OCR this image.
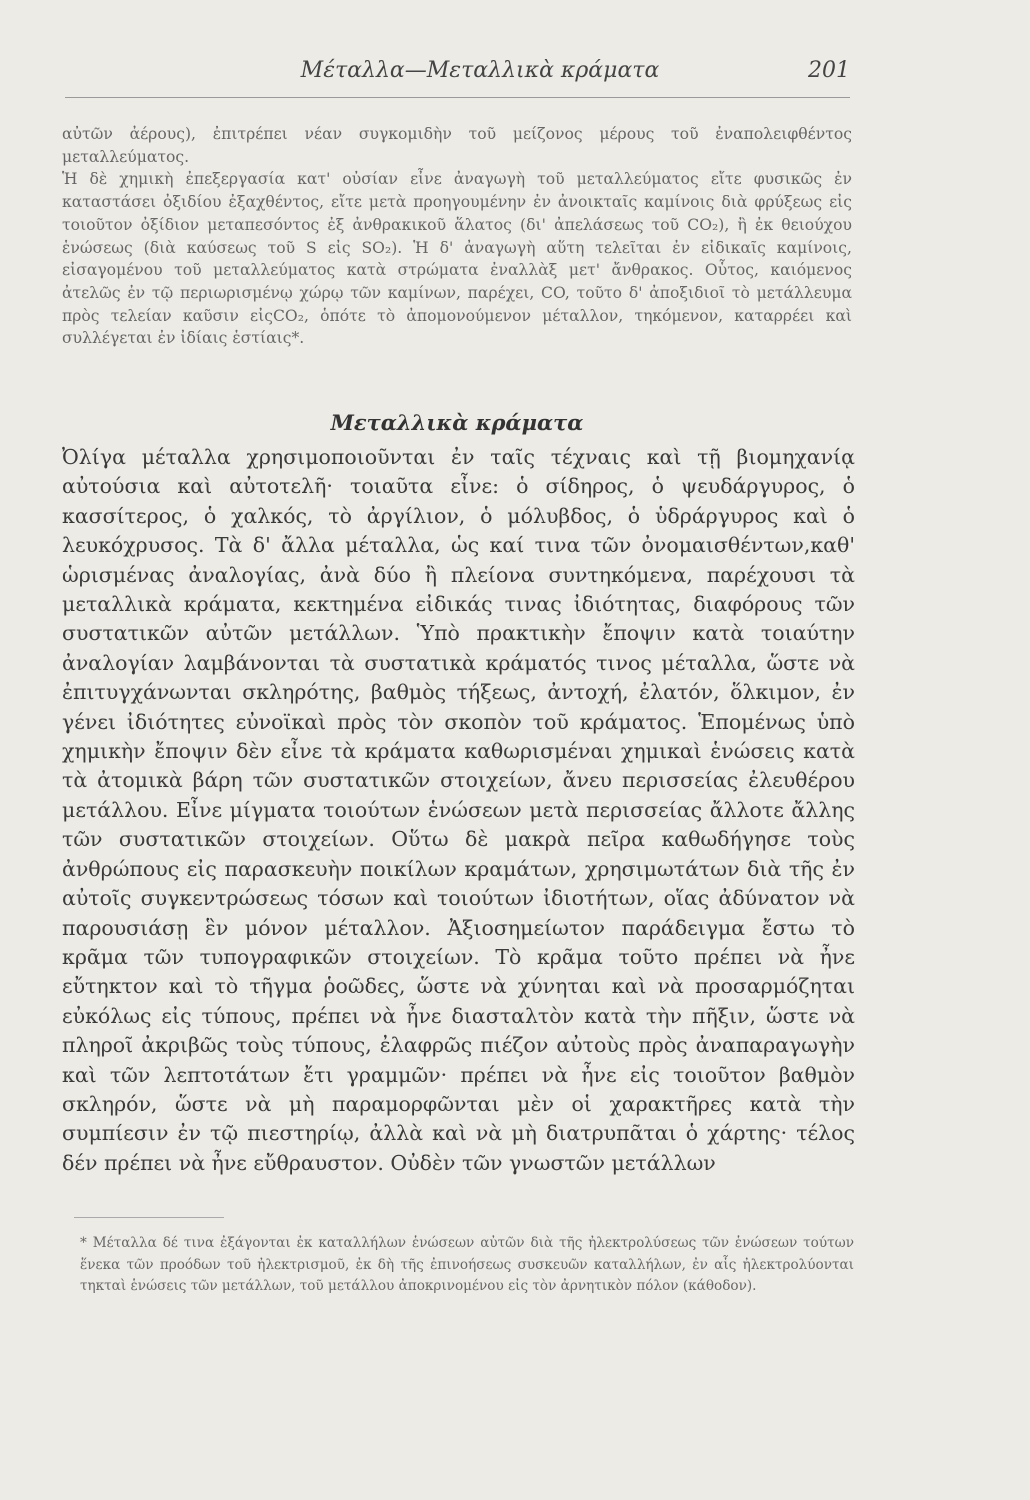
Μέταλλα—Μεταλλικὰ κράματα	201

αὐτῶν ἀέρους), ἐπιτρέπει νέαν συγκομιδὴν τοῦ μείζονος μέρους τοῦ ἐναπολειφθέντος μεταλλεύματος.

Ἡ δὲ χημικὴ ἐπεξεργασία κατ' οὐσίαν εἶνε ἀναγωγὴ τοῦ μεταλλεύματος εἴτε φυσικῶς ἐν καταστάσει ὀξιδίου ἐξαχθέντος, εἴτε μετὰ προηγουμένην ἐν ἀνοικταῖς καμίνοις διὰ φρύξεως εἰς τοιοῦτον ὀξίδιον μεταπεσόντος ἐξ ἀνθρακικοῦ ἅλατος (δι' ἀπελάσεως τοῦ CO₂), ἢ ἐκ θειούχου ἑνώσεως (διὰ καύσεως τοῦ S εἰς SO₂). Ἡ δ' ἀναγωγὴ αὕτη τελεῖται ἐν εἰδικαῖς καμίνοις, εἰσαγομένου τοῦ μεταλλεύματος κατὰ στρώματα ἐναλλὰξ μετ' ἄνθρακος. Οὗτος, καιόμενος ἀτελῶς ἐν τῷ περιωρισμένῳ χώρῳ τῶν καμίνων, παρέχει, CO, τοῦτο δ' ἀποξιδιοῖ τὸ μετάλλευμα πρὸς τελείαν καῦσιν εἰςCO₂, ὁπότε τὸ ἀπομονούμενον μέταλλον, τηκόμενον, καταρρέει καὶ συλλέγεται ἐν ἰδίαις ἑστίαις*.

Μεταλλικὰ κράματα

Ὀλίγα μέταλλα χρησιμοποιοῦνται ἐν ταῖς τέχναις καὶ τῇ βιομηχανίᾳ αὐτούσια καὶ αὐτοτελῆ· τοιαῦτα εἶνε: ὁ σίδηρος, ὁ ψευδάργυρος, ὁ κασσίτερος, ὁ χαλκός, τὸ ἀργίλιον, ὁ μόλυβδος, ὁ ὑδράργυρος καὶ ὁ λευκόχρυσος. Τὰ δ' ἄλλα μέταλλα, ὡς καί τινα τῶν ὀνομαισθέντων,καθ' ὡρισμένας ἀναλογίας, ἀνὰ δύο ἢ πλείονα συντηκόμενα, παρέχουσι τὰ μεταλλικὰ κράματα, κεκτημένα εἰδικάς τινας ἰδιότητας, διαφόρους τῶν συστατικῶν αὐτῶν μετάλλων. Ὑπὸ πρακτικὴν ἔποψιν κατὰ τοιαύτην ἀναλογίαν λαμβάνονται τὰ συστατικὰ κράματός τινος μέταλλα, ὥστε νὰ ἐπιτυγχάνωνται σκληρότης, βαθμὸς τήξεως, ἀντοχή, ἐλατόν, ὅλκιμον, ἐν γένει ἰδιότητες εὐνοϊκαὶ πρὸς τὸν σκοπὸν τοῦ κράματος. Ἑπομένως ὑπὸ χημικὴν ἔποψιν δὲν εἶνε τὰ κράματα καθωρισμέναι χημικαὶ ἑνώσεις κατὰ τὰ ἀτομικὰ βάρη τῶν συστατικῶν στοιχείων, ἄνευ περισσείας ἐλευθέρου μετάλλου. Εἶνε μίγματα τοιούτων ἑνώσεων μετὰ περισσείας ἄλλοτε ἄλλης τῶν συστατικῶν στοιχείων. Οὕτω δὲ μακρὰ πεῖρα καθωδήγησε τοὺς ἀνθρώπους εἰς παρασκευὴν ποικίλων κραμάτων, χρησιμωτάτων διὰ τῆς ἐν αὐτοῖς συγκεντρώσεως τόσων καὶ τοιούτων ἰδιοτήτων, οἵας ἀδύνατον νὰ παρουσιάσῃ ἓν μόνον μέταλλον. Ἀξιοσημείωτον παράδειγμα ἔστω τὸ κρᾶμα τῶν τυπογραφικῶν στοιχείων. Τὸ κρᾶμα τοῦτο πρέπει νὰ ἦνε εὔτηκτον καὶ τὸ τῆγμα ῥοῶδες, ὥστε νὰ χύνηται καὶ νὰ προσαρμόζηται εὐκόλως εἰς τύπους, πρέπει νὰ ἦνε διασταλτὸν κατὰ τὴν πῆξιν, ὥστε νὰ πληροῖ ἀκριβῶς τοὺς τύπους, ἐλαφρῶς πιέζον αὐτοὺς πρὸς ἀναπαραγωγὴν καὶ τῶν λεπτοτάτων ἔτι γραμμῶν· πρέπει νὰ ἦνε εἰς τοιοῦτον βαθμὸν σκληρόν, ὥστε νὰ μὴ παραμορφῶνται μὲν οἱ χαρακτῆρες κατὰ τὴν συμπίεσιν ἐν τῷ πιεστηρίῳ, ἀλλὰ καὶ νὰ μὴ διατρυπᾶται ὁ χάρτης· τέλος δέν πρέπει νὰ ἦνε εὔθραυστον. Οὐδὲν τῶν γνωστῶν μετάλλων

* Μέταλλα δέ τινα ἐξάγονται ἐκ καταλλήλων ἑνώσεων αὐτῶν διὰ τῆς ἠλεκτρολύσεως τῶν ἑνώσεων τούτων ἕνεκα τῶν προόδων τοῦ ἠλεκτρισμοῦ, ἐκ δὴ τῆς ἐπινοήσεως συσκευῶν καταλλήλων, ἐν αἷς ἠλεκτρολύονται τηκταὶ ἑνώσεις τῶν μετάλλων, τοῦ μετάλλου ἀποκρινομένου εἰς τὸν ἀρνητικὸν πόλον (κάθοδον).
